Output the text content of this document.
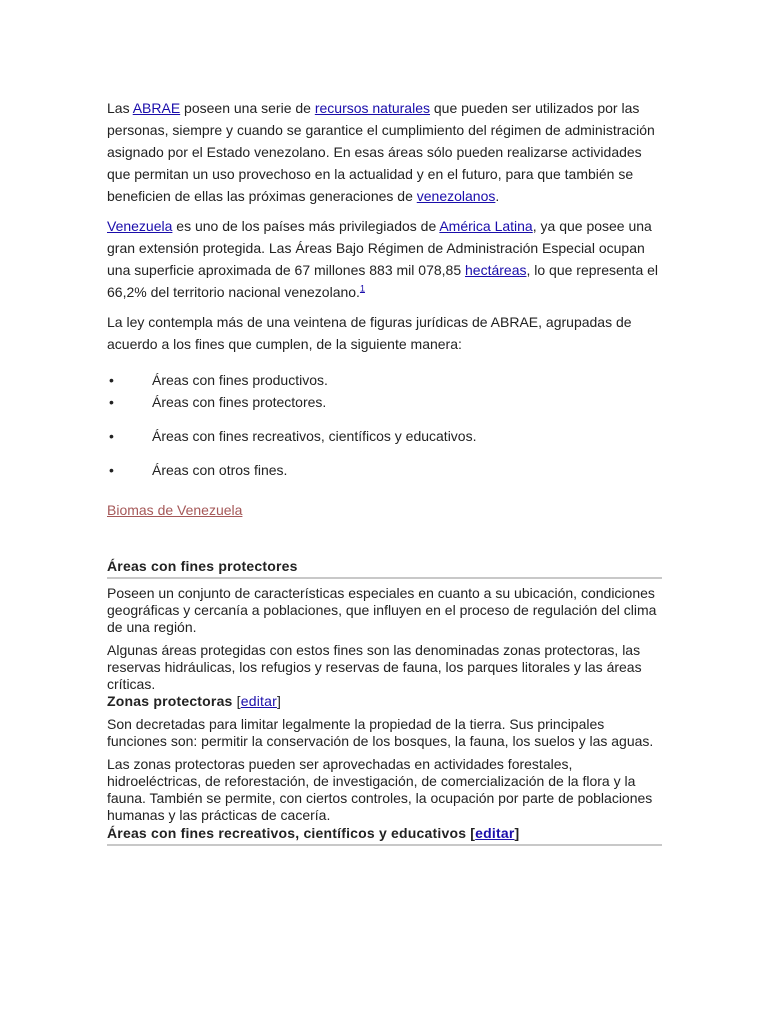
Las ABRAE poseen una serie de recursos naturales que pueden ser utilizados por las personas, siempre y cuando se garantice el cumplimiento del régimen de administración asignado por el Estado venezolano. En esas áreas sólo pueden realizarse actividades que permitan un uso provechoso en la actualidad y en el futuro, para que también se beneficien de ellas las próximas generaciones de venezolanos.

Venezuela es uno de los países más privilegiados de América Latina, ya que posee una gran extensión protegida. Las Áreas Bajo Régimen de Administración Especial ocupan una superficie aproximada de 67 millones 883 mil 078,85 hectáreas, lo que representa el 66,2% del territorio nacional venezolano.$^1$

La ley contempla más de una veintena de figuras jurídicas de ABRAE, agrupadas de acuerdo a los fines que cumplen, de la siguiente manera:

•	Áreas con fines productivos.
•	Áreas con fines protectores.
•	Áreas con fines recreativos, científicos y educativos.
•	Áreas con otros fines.
Biomas de Venezuela
Áreas con fines protectores

Poseen un conjunto de características especiales en cuanto a su ubicación, condiciones geográficas y cercanía a poblaciones, que influyen en el proceso de regulación del clima de una región.

Algunas áreas protegidas con estos fines son las denominadas zonas protectoras, las reservas hidráulicas, los refugios y reservas de fauna, los parques litorales y las áreas críticas.

Zonas protectoras [editar]

Son decretadas para limitar legalmente la propiedad de la tierra. Sus principales funciones son: permitir la conservación de los bosques, la fauna, los suelos y las aguas.

Las zonas protectoras pueden ser aprovechadas en actividades forestales, hidroeléctricas, de reforestación, de investigación, de comercialización de la flora y la fauna. También se permite, con ciertos controles, la ocupación por parte de poblaciones humanas y las prácticas de cacería.

Áreas con fines recreativos, científicos y educativos [editar]
